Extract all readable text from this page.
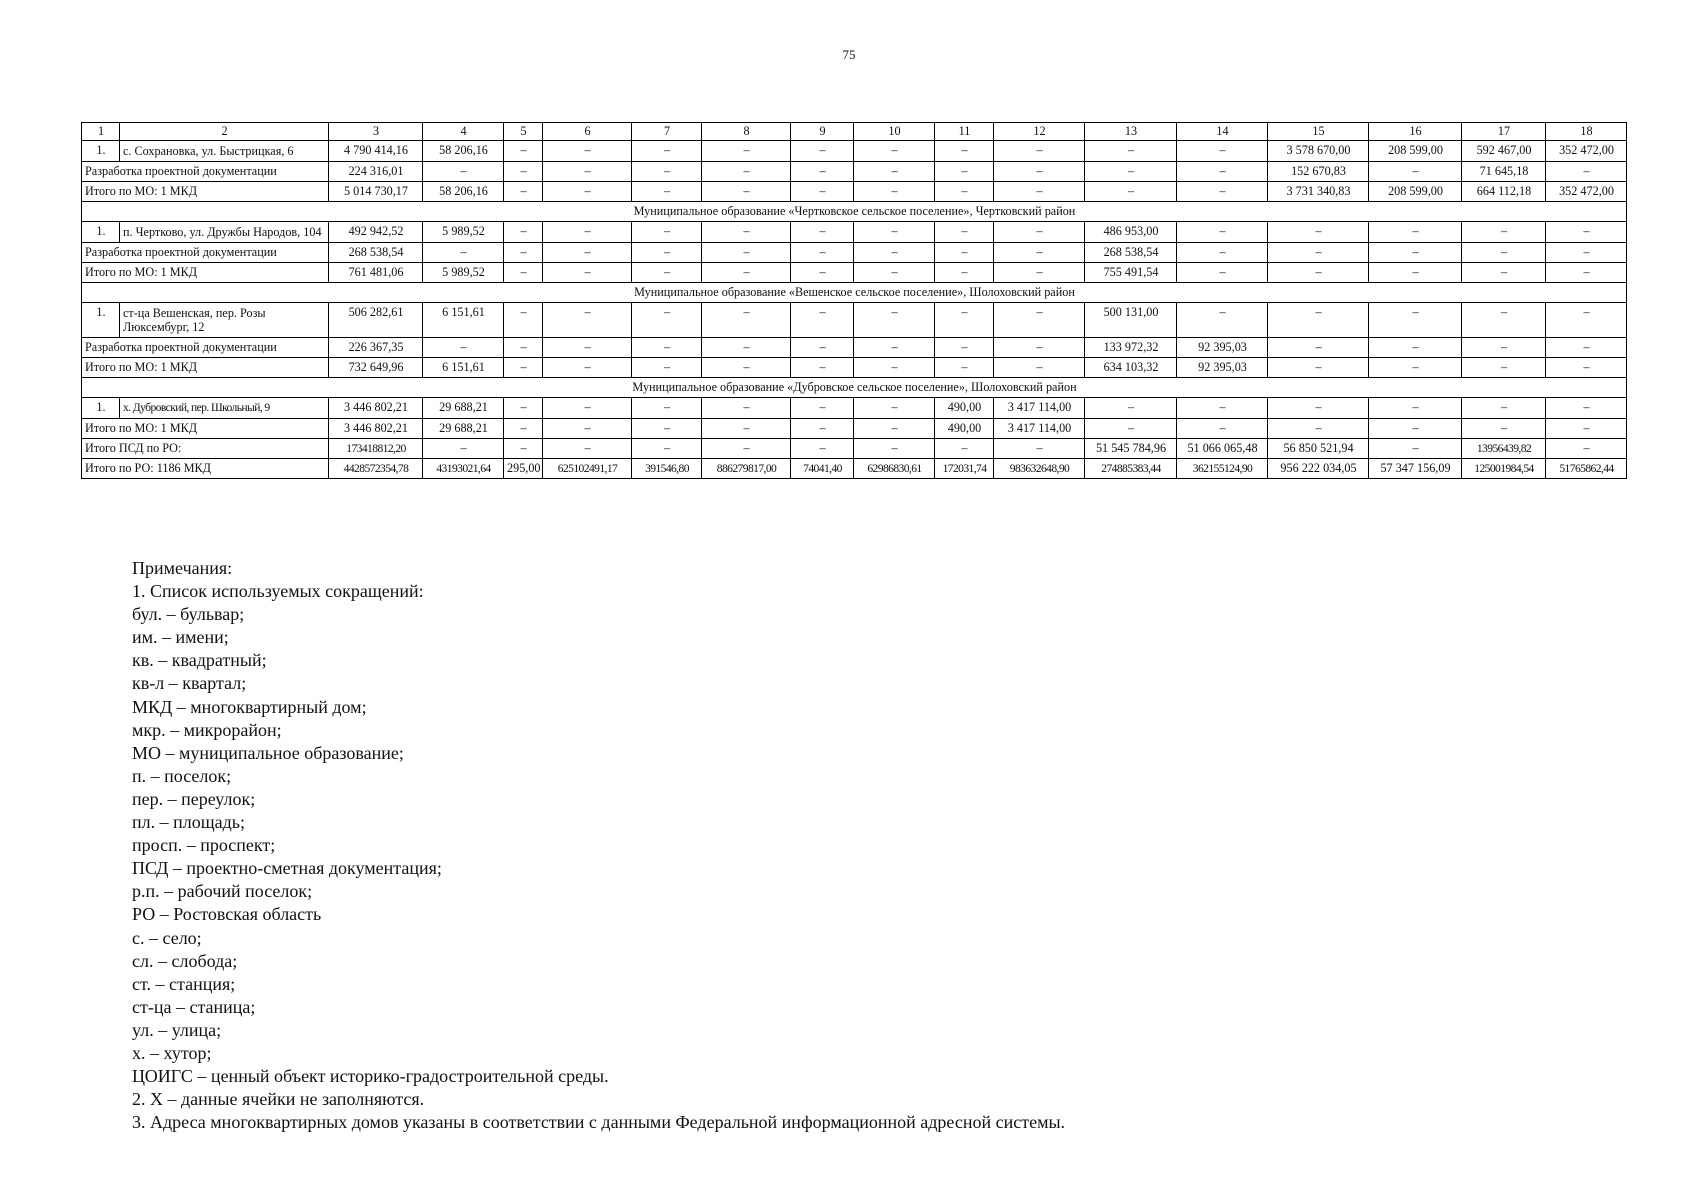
75
1	2	3	4	5	6	7	8	9	10	11	12	13	14	15	16	17	18
1.	с. Сохрановка, ул. Быстрицкая, 6	4 790 414,16	58 206,16	–	–	–	–	–	–	–	–	–	–	3 578 670,00	208 599,00	592 467,00	352 472,00
Разработка проектной документации		224 316,01	–	–	–	–	–	–	–	–	–	–	–	152 670,83	–	71 645,18	–
Итого по МО: 1 МКД		5 014 730,17	58 206,16	–	–	–	–	–	–	–	–	–	–	3 731 340,83	208 599,00	664 112,18	352 472,00
Муниципальное образование «Чертковское сельское поселение», Чертковский район																	
1.	п. Чертково, ул. Дружбы Народов, 104	492 942,52	5 989,52	–	–	–	–	–	–	–	–	486 953,00	–	–	–	–	–
Разработка проектной документации		268 538,54	–	–	–	–	–	–	–	–	–	268 538,54	–	–	–	–	–
Итого по МО: 1 МКД		761 481,06	5 989,52	–	–	–	–	–	–	–	–	755 491,54	–	–	–	–	–
Муниципальное образование «Вешенское сельское поселение», Шолоховский район																	
1.	ст-ца Вешенская, пер. Розы Люксембург, 12	506 282,61	6 151,61	–	–	–	–	–	–	–	–	500 131,00	–	–	–	–	–
Разработка проектной документации		226 367,35	–	–	–	–	–	–	–	–	–	133 972,32	92 395,03	–	–	–	–
Итого по МО: 1 МКД		732 649,96	6 151,61	–	–	–	–	–	–	–	–	634 103,32	92 395,03	–	–	–	–
Муниципальное образование «Дубровское сельское поселение», Шолоховский район																	
1.	х. Дубровский, пер. Школьный, 9	3 446 802,21	29 688,21	–	–	–	–	–	–	490,00	3 417 114,00	–	–	–	–	–	–
Итого по МО: 1 МКД		3 446 802,21	29 688,21	–	–	–	–	–	–	490,00	3 417 114,00	–	–	–	–	–	–
Итого ПСД по РО:		173418812,20	–	–	–	–	–	–	–	–	–	51 545 784,96	51 066 065,48	56 850 521,94	–	13956439,82	–
Итого по РО: 1186 МКД		4428572354,78	43193021,64	295,00	625102491,17	391546,80	886279817,00	74041,40	62986830,61	172031,74	983632648,90	274885383,44	362155124,90	956 222 034,05	57 347 156,09	125001984,54	51765862,44
Примечания:
1. Список используемых сокращений:
бул. – бульвар;
им. – имени;
кв. – квадратный;
кв-л – квартал;
МКД – многоквартирный дом;
мкр. – микрорайон;
МО – муниципальное образование;
п. – поселок;
пер. – переулок;
пл. – площадь;
просп. – проспект;
ПСД – проектно-сметная документация;
р.п. – рабочий поселок;
РО – Ростовская область
с. – село;
сл. – слобода;
ст. – станция;
ст-ца – станица;
ул. – улица;
х. – хутор;
ЦОИГС – ценный объект историко-градостроительной среды.
2. Х – данные ячейки не заполняются.
3. Адреса многоквартирных домов указаны в соответствии с данными Федеральной информационной адресной системы.
